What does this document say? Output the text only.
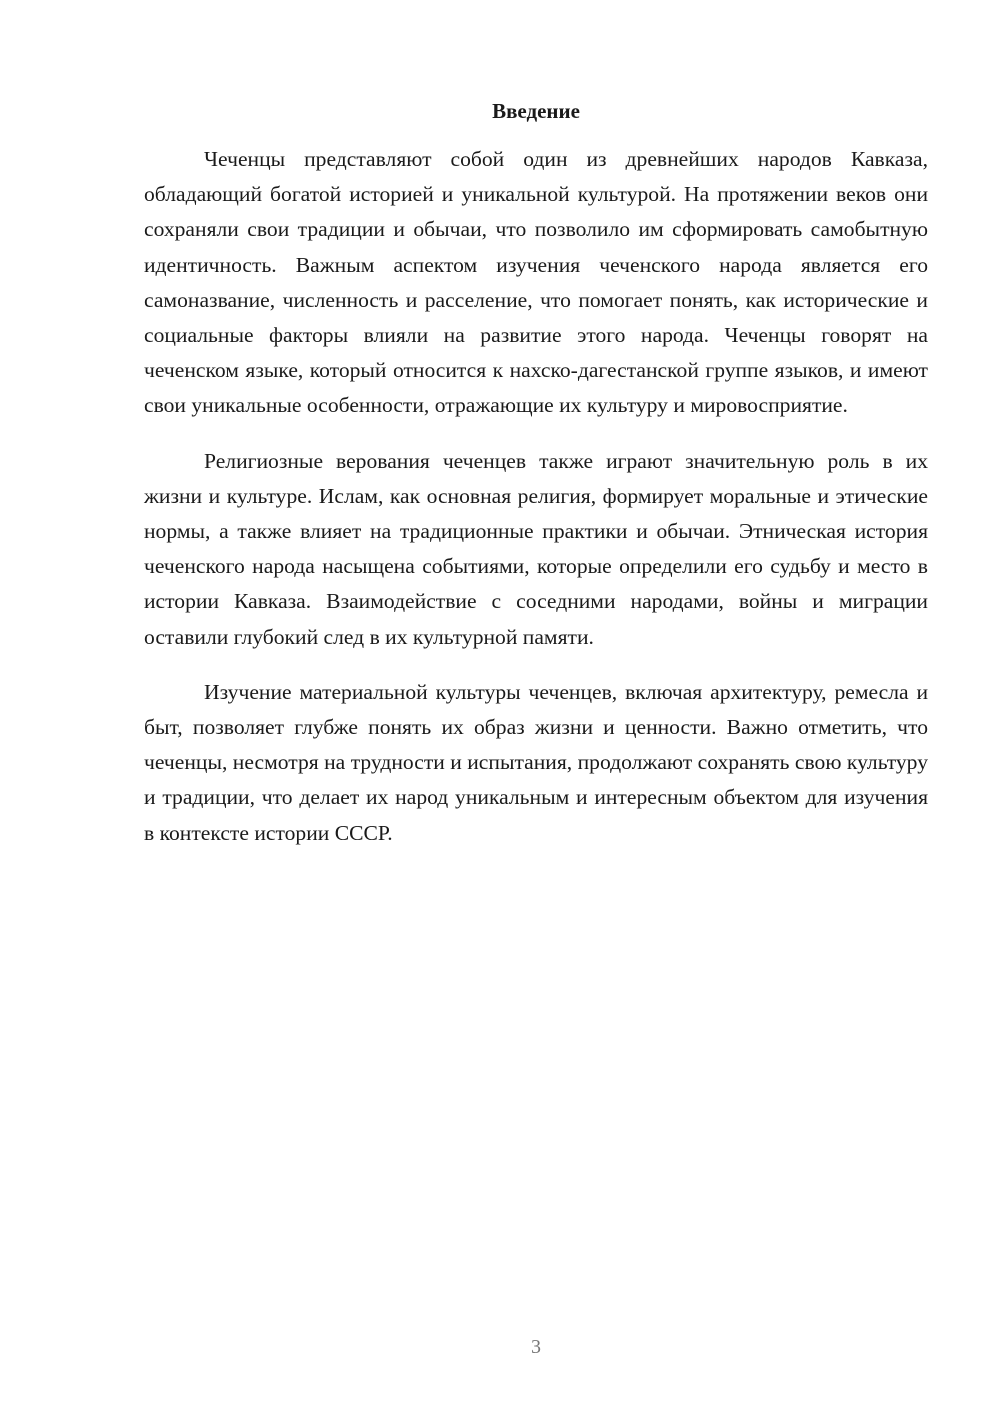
Введение

Чеченцы представляют собой один из древнейших народов Кавказа, обладающий богатой историей и уникальной культурой. На протяжении веков они сохраняли свои традиции и обычаи, что позволило им сформировать самобытную идентичность. Важным аспектом изучения чеченского народа является его самоназвание, численность и расселение, что помогает понять, как исторические и социальные факторы влияли на развитие этого народа. Чеченцы говорят на чеченском языке, который относится к нахско-дагестанской группе языков, и имеют свои уникальные особенности, отражающие их культуру и мировосприятие.

Религиозные верования чеченцев также играют значительную роль в их жизни и культуре. Ислам, как основная религия, формирует моральные и этические нормы, а также влияет на традиционные практики и обычаи. Этническая история чеченского народа насыщена событиями, которые определили его судьбу и место в истории Кавказа. Взаимодействие с соседними народами, войны и миграции оставили глубокий след в их культурной памяти.

Изучение материальной культуры чеченцев, включая архитектуру, ремесла и быт, позволяет глубже понять их образ жизни и ценности. Важно отметить, что чеченцы, несмотря на трудности и испытания, продолжают сохранять свою культуру и традиции, что делает их народ уникальным и интересным объектом для изучения в контексте истории СССР.

3
